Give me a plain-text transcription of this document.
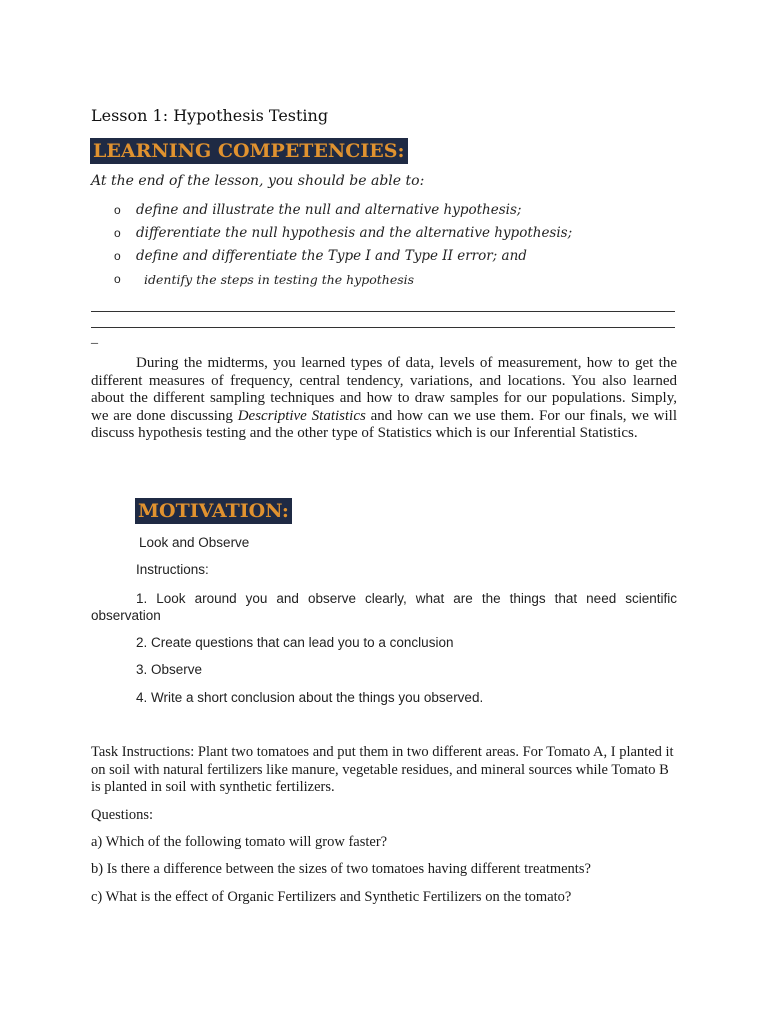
Lesson 1: Hypothesis Testing
LEARNING COMPETENCIES:
At the end of the lesson, you should be able to:
o define and illustrate the null and alternative hypothesis;
o differentiate the null hypothesis and the alternative hypothesis;
o define and differentiate the Type I and Type II error; and
o identify the steps in testing the hypothesis
_
During the midterms, you learned types of data, levels of measurement, how to get the different measures of frequency, central tendency, variations, and locations. You also learned about the different sampling techniques and how to draw samples for our populations. Simply, we are done discussing Descriptive Statistics and how can we use them. For our finals, we will discuss hypothesis testing and the other type of Statistics which is our Inferential Statistics.
MOTIVATION:
Look and Observe
Instructions:
1. Look around you and observe clearly, what are the things that need scientific observation
2. Create questions that can lead you to a conclusion
3. Observe
4. Write a short conclusion about the things you observed.
Task Instructions: Plant two tomatoes and put them in two different areas. For Tomato A, I planted it on soil with natural fertilizers like manure, vegetable residues, and mineral sources while Tomato B is planted in soil with synthetic fertilizers.
Questions:
a) Which of the following tomato will grow faster?
b) Is there a difference between the sizes of two tomatoes having different treatments?
c) What is the effect of Organic Fertilizers and Synthetic Fertilizers on the tomato?
